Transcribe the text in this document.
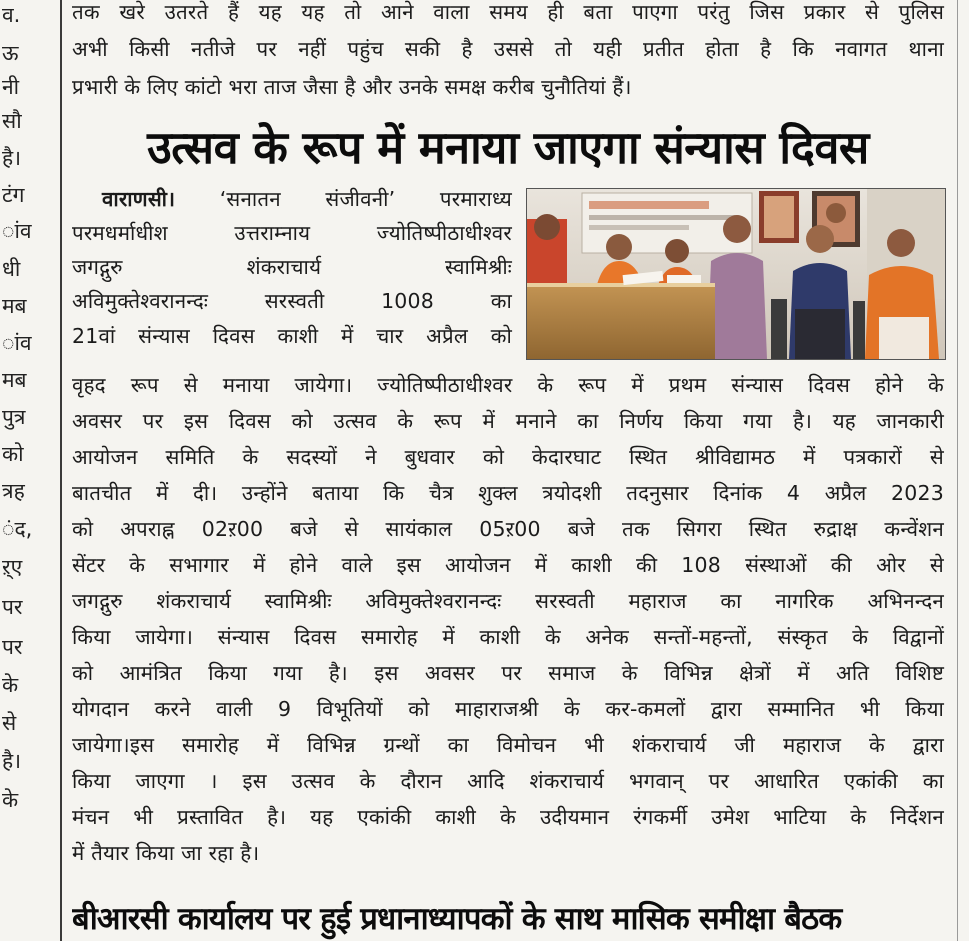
व.
ऊ
नी
सौ
है।
टंग
ांव
धी
मब
ांव
मब
पुत्र
को
त्रह
ंद,
ऱ्ए
पर
पर
के
से
है।
के
तक खरे उतरते हैं यह यह तो आने वाला समय ही बता पाएगा परंतु जिस प्रकार से पुलिस
अभी किसी नतीजे पर नहीं पहुंच सकी है उससे तो यही प्रतीत होता है कि नवागत थाना
प्रभारी के लिए कांटो भरा ताज जैसा है और उनके समक्ष करीब चुनौतियां हैं।
उत्सव के रूप में मनाया जाएगा संन्यास दिवस
वाराणसी। ‘सनातन संजीवनी’ परमाराध्य
परमधर्माधीश उत्तराम्नाय ज्योतिष्पीठाधीश्वर
जगद्गुरु शंकराचार्य स्वामिश्रीः
अविमुक्तेश्वरानन्दः सरस्वती 1008 का
21वां संन्यास दिवस काशी में चार अप्रैल को
वृहद रूप से मनाया जायेगा। ज्योतिष्पीठाधीश्वर के रूप में प्रथम संन्यास दिवस होने के
अवसर पर इस दिवस को उत्सव के रूप में मनाने का निर्णय किया गया है। यह जानकारी
आयोजन समिति के सदस्यों ने बुधवार को केदारघाट स्थित श्रीविद्यामठ में पत्रकारों से
बातचीत में दी। उन्होंने बताया कि चैत्र शुक्ल त्रयोदशी तदनुसार दिनांक 4 अप्रैल 2023
को अपराह्न 02ऱ00 बजे से सायंकाल 05ऱ00 बजे तक सिगरा स्थित रुद्राक्ष कन्वेंशन
सेंटर के सभागार में होने वाले इस आयोजन में काशी की 108 संस्थाओं की ओर से
जगद्गुरु शंकराचार्य स्वामिश्रीः अविमुक्तेश्वरानन्दः सरस्वती महाराज का नागरिक अभिनन्दन
किया जायेगा। संन्यास दिवस समारोह में काशी के अनेक सन्तों-महन्तों, संस्कृत के विद्वानों
को आमंत्रित किया गया है। इस अवसर पर समाज के विभिन्न क्षेत्रों में अति विशिष्ट
योगदान करने वाली 9 विभूतियों को माहाराजश्री के कर-कमलों द्वारा सम्मानित भी किया
जायेगा।इस समारोह में विभिन्न ग्रन्थों का विमोचन भी शंकराचार्य जी महाराज के द्वारा
किया जाएगा । इस उत्सव के दौरान आदि शंकराचार्य भगवान् पर आधारित एकांकी का
मंचन भी प्रस्तावित है। यह एकांकी काशी के उदीयमान रंगकर्मी उमेश भाटिया के निर्देशन
में तैयार किया जा रहा है।
बीआरसी कार्यालय पर हुई प्रधानाध्यापकों के साथ मासिक समीक्षा बैठक
